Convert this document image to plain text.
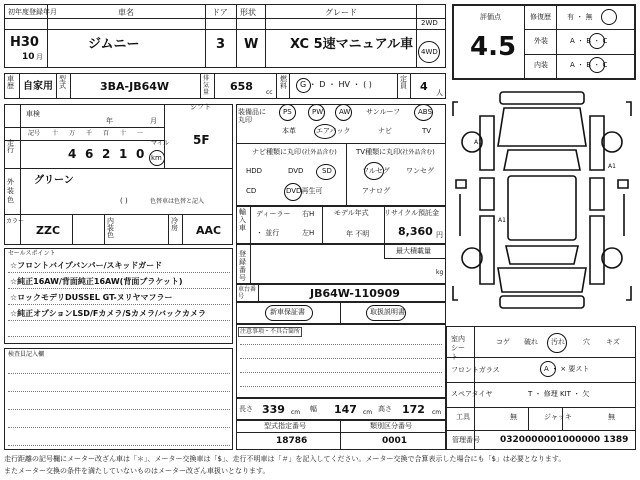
初年度登録年月
H30
10 月
車名
ジムニー
ドア
3
形状
W
グレード
XC 5速マニュアル車
2WD
4WD
車歴 自家用
型式	3BA-JB64W
排気量 658 cc
燃料 G ・ D ・ HV ・ ( )
定員 4 人
車検
年	月
記号 十 万 千 百 十 一
走行	4 6 2 1 0
マイル
km
シフト
5F
外装色
グリーン
( )	色替車は色替と記入
カラー
ZZC
内装色
冷房 AAC
セールスポイント
☆フロントバイプバンパー/スキッドガード
☆純正16AW/背面純正16AW(背面ブラケット)
☆ロックモデリDUSSEL GT-ヌリヤマフラー
☆純正オプションLSD/Fカメラ/Sカメラ/バックカメラ
検査員記入欄
装備品に丸印
PS	PW AW サンルーフ	ABS
本革	エアバック	ナビ	TV
ナビ種類に丸印 (社外品含む)	TV種類に丸印 (社外品含む)
HDD	DVD	SD
CD	DVD再生可
フルセグ ワンセグ
アナログ
輸入車
ディーラー
・ 並行
右H
左H
モデル年式
年 不明
リサイクル預託金
8,360 円
登録番号
最大積載量
kg
車台番号	JB64W-110909
新車保証書	取扱説明書
注意事項・不具合箇所
長さ 339 cm 幅 147 cm 高さ 172 cm
型式指定番号
18786
類別区分番号
0001
評価点
4.5
修復歴 有 ・ 無
外装	A ・ B ・ C
内装	A ・ B ・ C
A1
A1
A1
室内シート
コゲ 破れ 汚れ	穴 キズ
フロントガラス	A ・ × 要スト
スペアタイヤ	T ・ 修理 KIT ・ 欠
工具	無	ジャッキ	無
管理番号 0320000001000000 1389
走行距離の記号欄にメーター改ざん車は「＊」、メーター交換車は「$」、走行不明車は「＃」を記入してください。メーター交換で合算表示した場合にも「$」は必要となります。
またメーター交換の条件を満たしていないものはメーター改ざん車扱いとなります。
